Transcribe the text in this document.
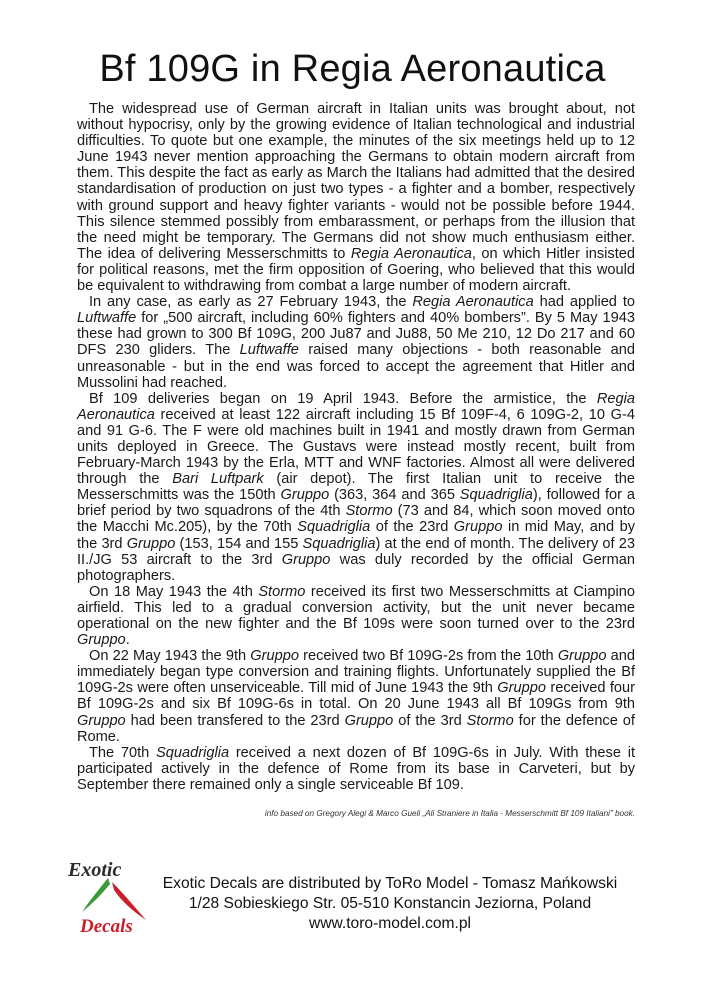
Bf 109G in Regia Aeronautica

The widespread use of German aircraft in Italian units was brought about, not without hypocrisy, only by the growing evidence of Italian technological and industrial difficulties. To quote but one example, the minutes of the six meetings held up to 12 June 1943 never mention approaching the Germans to obtain modern aircraft from them. This despite the fact as early as March the Italians had admitted that the desired standardisation of production on just two types - a fighter and a bomber, respectively with ground support and heavy fighter variants - would not be possible before 1944. This silence stemmed possibly from embarassment, or perhaps from the illusion that the need might be temporary. The Germans did not show much enthusiasm either. The idea of delivering Messerschmitts to Regia Aeronautica, on which Hitler insisted for political reasons, met the firm opposition of Goering, who believed that this would be equivalent to withdrawing from combat a large number of modern aircraft.

In any case, as early as 27 February 1943, the Regia Aeronautica had applied to Luftwaffe for „500 aircraft, including 60% fighters and 40% bombers”. By 5 May 1943 these had grown to 300 Bf 109G, 200 Ju87 and Ju88, 50 Me 210, 12 Do 217 and 60 DFS 230 gliders. The Luftwaffe raised many objections - both reasonable and unreasonable - but in the end was forced to accept the agreement that Hitler and Mussolini had reached.

Bf 109 deliveries began on 19 April 1943. Before the armistice, the Regia Aeronautica received at least 122 aircraft including 15 Bf 109F-4, 6 109G-2, 10 G-4 and 91 G-6. The F were old machines built in 1941 and mostly drawn from German units deployed in Greece. The Gustavs were instead mostly recent, built from February-March 1943 by the Erla, MTT and WNF factories. Almost all were delivered through the Bari Luftpark (air depot). The first Italian unit to receive the Messerschmitts was the 150th Gruppo (363, 364 and 365 Squadriglia), followed for a brief period by two squadrons of the 4th Stormo (73 and 84, which soon moved onto the Macchi Mc.205), by the 70th Squadriglia of the 23rd Gruppo in mid May, and by the 3rd Gruppo (153, 154 and 155 Squadriglia) at the end of month. The delivery of 23 II./JG 53 aircraft to the 3rd Gruppo was duly recorded by the official German photographers.

On 18 May 1943 the 4th Stormo received its first two Messerschmitts at Ciampino airfield. This led to a gradual conversion activity, but the unit never became operational on the new fighter and the Bf 109s were soon turned over to the 23rd Gruppo.

On 22 May 1943 the 9th Gruppo received two Bf 109G-2s from the 10th Gruppo and immediately began type conversion and training flights. Unfortunately supplied the Bf 109G-2s were often unserviceable. Till mid of June 1943 the 9th Gruppo received four Bf 109G-2s and six Bf 109G-6s in total. On 20 June 1943 all Bf 109Gs from 9th Gruppo had been transfered to the 23rd Gruppo of the 3rd Stormo for the defence of Rome.

The 70th Squadriglia received a next dozen of Bf 109G-6s in July. With these it participated actively in the defence of Rome from its base in Carveteri, but by September there remained only a single serviceable Bf 109.

info based on Gregory Alegi & Marco Gueli „Ali Straniere in Italia - Messerschmitt Bf 109 Italiani” book.
Exotic
Decals
Exotic Decals are distributed by ToRo Model - Tomasz Mańkowski
1/28 Sobieskiego Str. 05-510 Konstancin Jeziorna, Poland
www.toro-model.com.pl
